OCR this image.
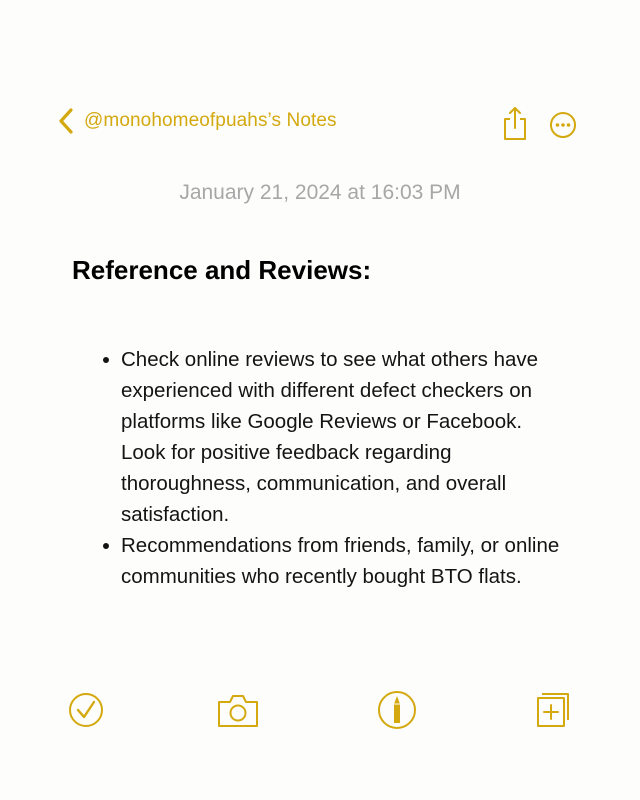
@monohomeofpuahs’s Notes
January 21, 2024 at 16:03 PM
Reference and Reviews:
Check online reviews to see what others have experienced with different defect checkers on platforms like Google Reviews or Facebook. Look for positive feedback regarding thoroughness, communication, and overall satisfaction.
Recommendations from friends, family, or online communities who recently bought BTO flats.
